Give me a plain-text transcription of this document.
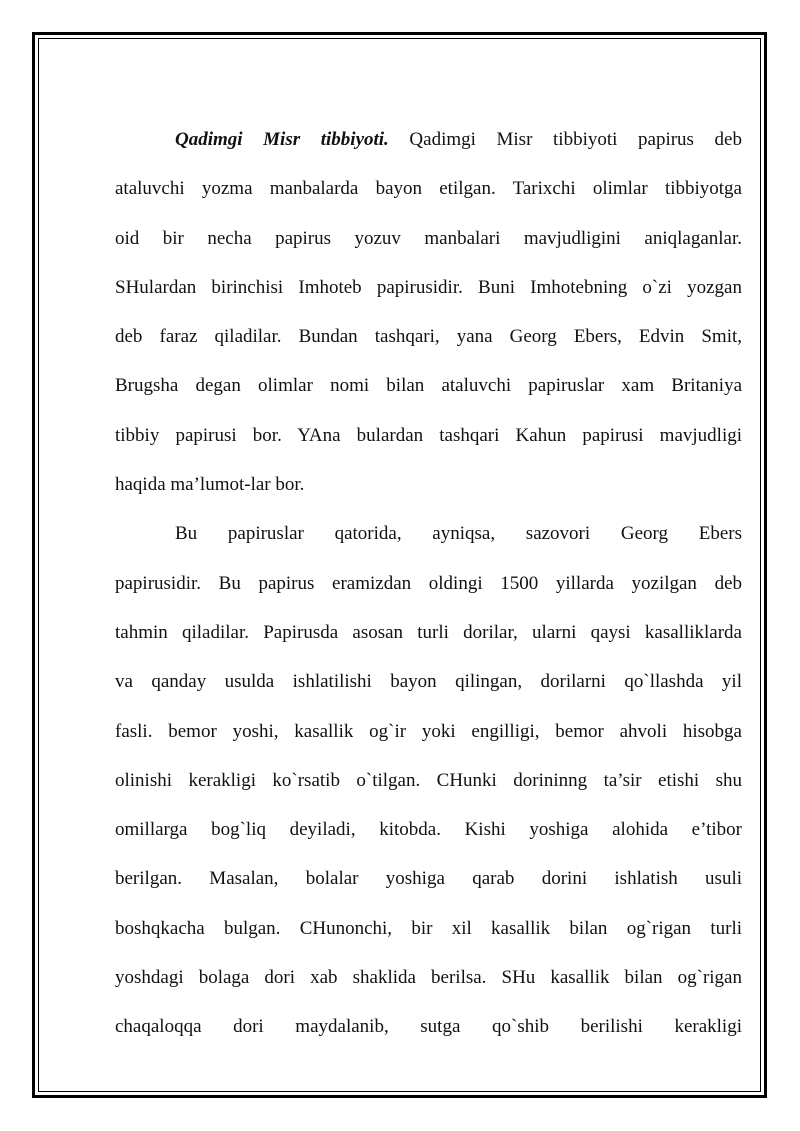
Qadimgi Misr tibbiyoti. Qadimgi Misr tibbiyoti papirus deb
ataluvchi yozma manbalarda bayon etilgan. Tarixchi olimlar tibbiyotga
oid bir necha papirus yozuv manbalari mavjudligini aniqlaganlar.
SHulardan birinchisi Imhoteb papirusidir. Buni Imhotebning o`zi yozgan
deb faraz qiladilar. Bundan tashqari, yana Georg Ebers, Edvin Smit,
Brugsha degan olimlar nomi bilan ataluvchi papiruslar xam Britaniya
tibbiy papirusi bor. YAna bulardan tashqari Kahun papirusi mavjudligi
haqida ma’lumot-lar bor.
Bu papiruslar qatorida, ayniqsa, sazovori Georg Ebers
papirusidir. Bu papirus eramizdan oldingi 1500 yillarda yozilgan deb
tahmin qiladilar. Papirusda asosan turli dorilar, ularni qaysi kasalliklarda
va qanday usulda ishlatilishi bayon qilingan, dorilarni qo`llashda yil
fasli. bemor yoshi, kasallik og`ir yoki engilligi, bemor ahvoli hisobga
olinishi kerakligi ko`rsatib o`tilgan. CHunki dorininng ta’sir etishi shu
omillarga bog`liq deyiladi, kitobda. Kishi yoshiga alohida e’tibor
berilgan. Masalan, bolalar yoshiga qarab dorini ishlatish usuli
boshqkacha bulgan. CHunonchi, bir xil kasallik bilan og`rigan turli
yoshdagi bolaga dori xab shaklida berilsa. SHu kasallik bilan og`rigan
chaqaloqqa dori maydalanib, sutga qo`shib berilishi kerakligi
